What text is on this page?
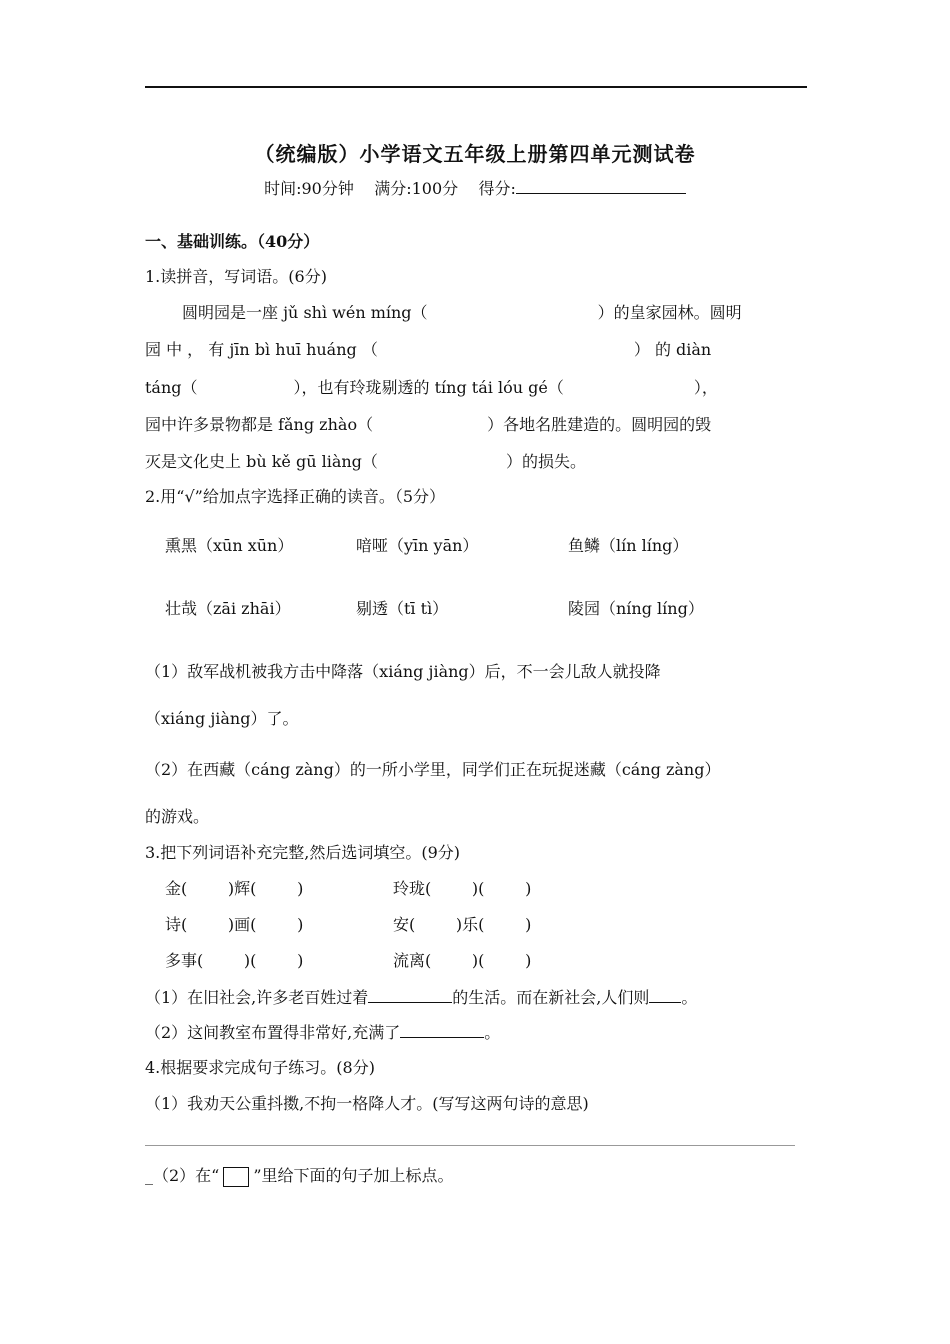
（统编版）小学语文五年级上册第四单元测试卷
时间:90分钟 满分:100分 得分:
一、基础训练。（40分）
1.读拼音，写词语。(6分)
圆明园是一座 jǔ shì wén míng（	）的皇家园林。圆明
园 中 ， 有 jīn bì huī huáng （	） 的 diàn
táng（	），也有玲珑剔透的 tíng tái lóu gé（	），
园中许多景物都是 fǎng zhào（	）各地名胜建造的。圆明园的毁
灭是文化史上 bù kě gū liàng（	）的损失。
2.用“√”给加点字选择正确的读音。（5分）
熏黑（xūn xūn）	喑哑（yīn yān）	鱼鳞（lín líng）
壮哉（zāi zhāi）	剔透（tī tì）	陵园（níng líng）
（1）敌军战机被我方击中降落（xiáng jiàng）后，不一会儿敌人就投降
（xiáng jiàng）了。
（2）在西藏（cáng zàng）的一所小学里，同学们正在玩捉迷藏（cáng zàng）
的游戏。
3.把下列词语补充完整,然后选词填空。(9分)
金(        )辉(        )	玲珑(        )(        )
诗(        )画(        )	安(        )乐(        )
多事(        )(        )	流离(        )(        )
（1）在旧社会,许多老百姓过着	的生活。而在新社会,人们则 。
（2）这间教室布置得非常好,充满了	。
4.根据要求完成句子练习。(8分)
（1）我劝天公重抖擞,不拘一格降人才。(写写这两句诗的意思)
_（2）在“ ”里给下面的句子加上标点。
